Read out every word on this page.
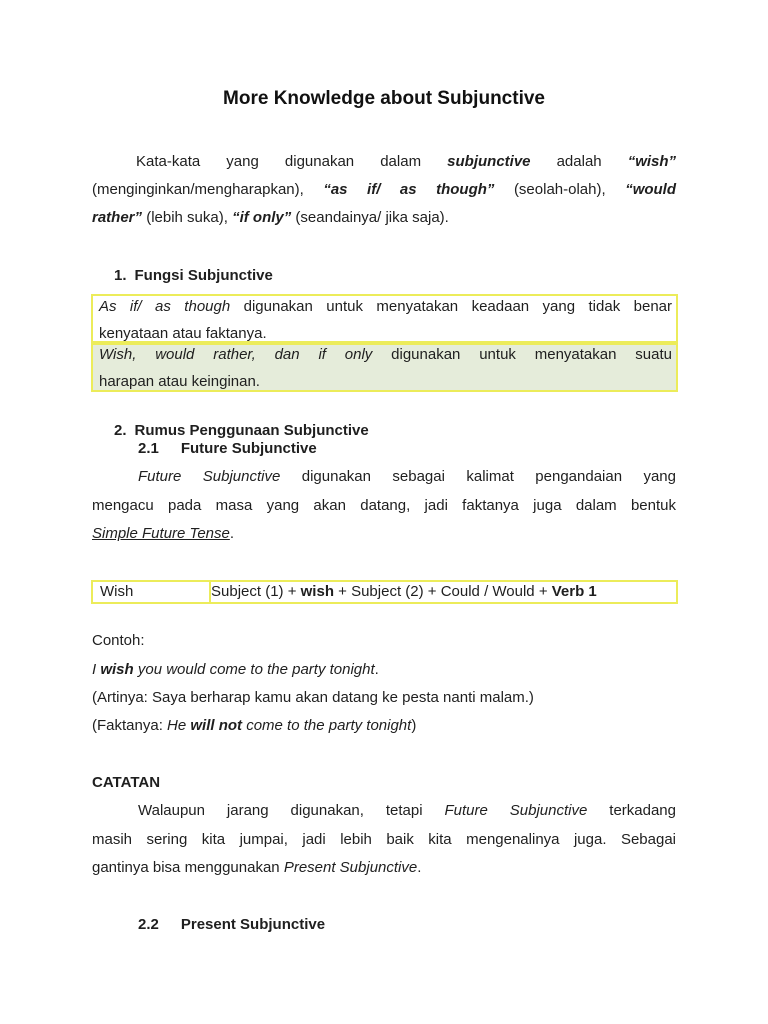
More Knowledge about Subjunctive
Kata-kata yang digunakan dalam subjunctive adalah “wish”
(menginginkan/mengharapkan), “as if/ as though” (seolah-olah), “would
rather” (lebih suka), “if only” (seandainya/ jika saja).
1. Fungsi Subjunctive
As if/ as though digunakan untuk menyatakan keadaan yang tidak benar
kenyataan atau faktanya.
Wish, would rather, dan if only digunakan untuk menyatakan suatu
harapan atau keinginan.
2. Rumus Penggunaan Subjunctive
2.1 Future Subjunctive
Future Subjunctive digunakan sebagai kalimat pengandaian yang
mengacu pada masa yang akan datang, jadi faktanya juga dalam bentuk
Simple Future Tense.
Wish	Subject (1) + wish + Subject (2) + Could / Would + Verb 1
Contoh:
I wish you would come to the party tonight.
(Artinya: Saya berharap kamu akan datang ke pesta nanti malam.)
(Faktanya: He will not come to the party tonight)
CATATAN
Walaupun jarang digunakan, tetapi Future Subjunctive terkadang
masih sering kita jumpai, jadi lebih baik kita mengenalinya juga. Sebagai
gantinya bisa menggunakan Present Subjunctive.
2.2 Present Subjunctive
